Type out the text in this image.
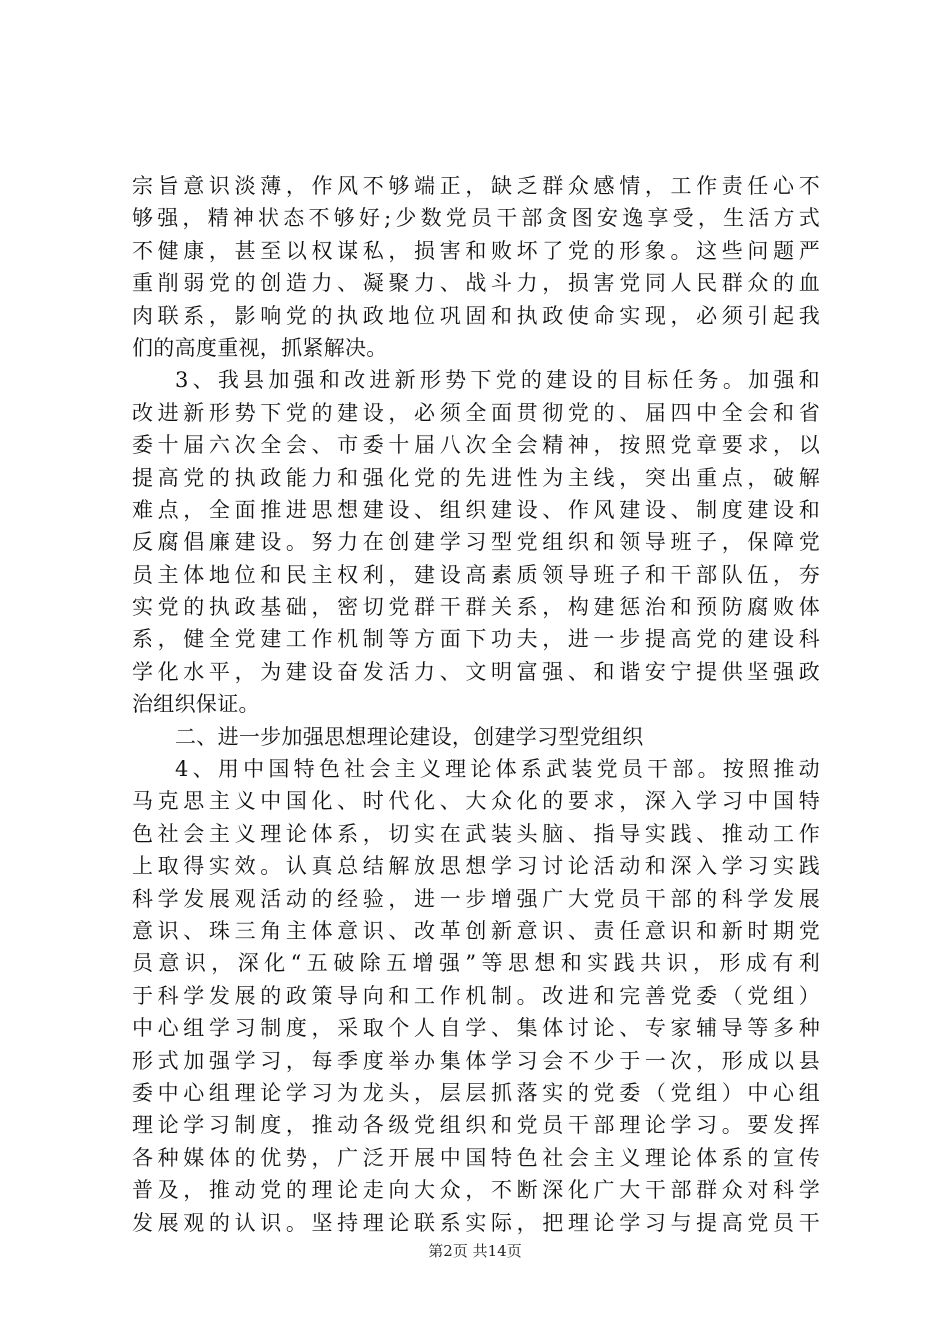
宗旨意识淡薄，作风不够端正，缺乏群众感情，工作责任心不
够强，精神状态不够好;少数党员干部贪图安逸享受，生活方式
不健康，甚至以权谋私，损害和败坏了党的形象。这些问题严
重削弱党的创造力、凝聚力、战斗力，损害党同人民群众的血
肉联系，影响党的执政地位巩固和执政使命实现，必须引起我
们的高度重视，抓紧解决。
3、我县加强和改进新形势下党的建设的目标任务。加强和
改进新形势下党的建设，必须全面贯彻党的、届四中全会和省
委十届六次全会、市委十届八次全会精神，按照党章要求，以
提高党的执政能力和强化党的先进性为主线，突出重点，破解
难点，全面推进思想建设、组织建设、作风建设、制度建设和
反腐倡廉建设。努力在创建学习型党组织和领导班子，保障党
员主体地位和民主权利，建设高素质领导班子和干部队伍，夯
实党的执政基础，密切党群干群关系，构建惩治和预防腐败体
系，健全党建工作机制等方面下功夫，进一步提高党的建设科
学化水平，为建设奋发活力、文明富强、和谐安宁提供坚强政
治组织保证。
二、进一步加强思想理论建设，创建学习型党组织
4、用中国特色社会主义理论体系武装党员干部。按照推动
马克思主义中国化、时代化、大众化的要求，深入学习中国特
色社会主义理论体系，切实在武装头脑、指导实践、推动工作
上取得实效。认真总结解放思想学习讨论活动和深入学习实践
科学发展观活动的经验，进一步增强广大党员干部的科学发展
意识、珠三角主体意识、改革创新意识、责任意识和新时期党
员意识，深化“五破除五增强”等思想和实践共识，形成有利
于科学发展的政策导向和工作机制。改进和完善党委（党组）
中心组学习制度，采取个人自学、集体讨论、专家辅导等多种
形式加强学习，每季度举办集体学习会不少于一次，形成以县
委中心组理论学习为龙头，层层抓落实的党委（党组）中心组
理论学习制度，推动各级党组织和党员干部理论学习。要发挥
各种媒体的优势，广泛开展中国特色社会主义理论体系的宣传
普及，推动党的理论走向大众，不断深化广大干部群众对科学
发展观的认识。坚持理论联系实际，把理论学习与提高党员干
第2页 共14页
